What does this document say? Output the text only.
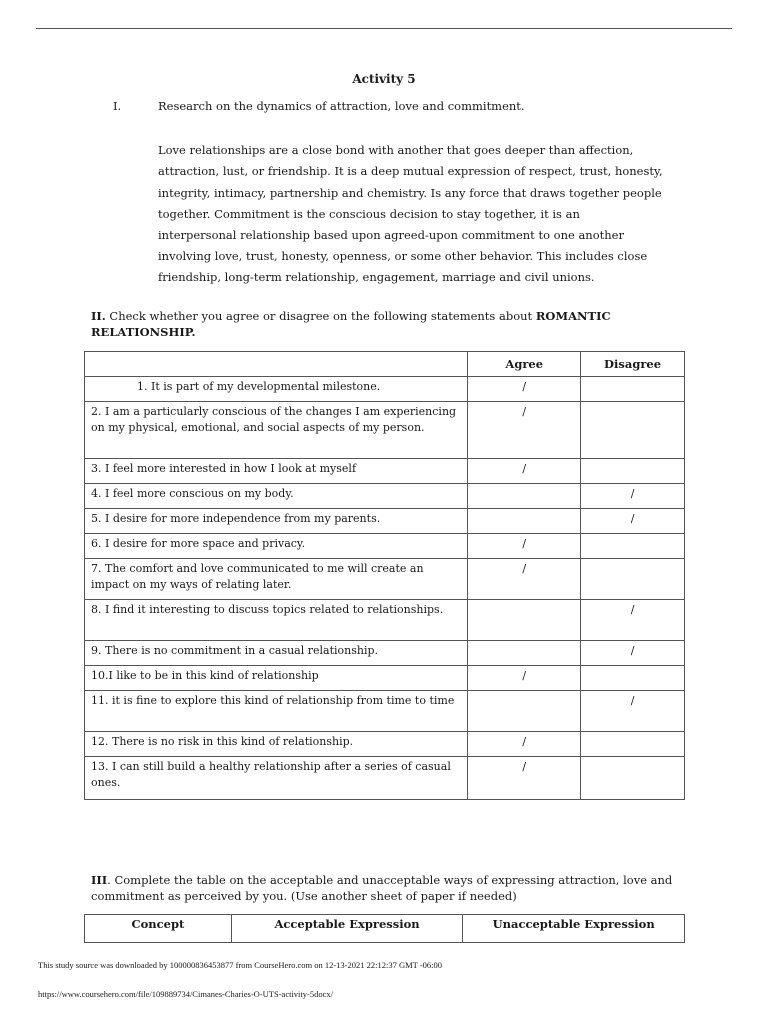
Activity 5
I.	Research on the dynamics of attraction, love and commitment.

Love relationships are a close bond with another that goes deeper than affection,
attraction, lust, or friendship. It is a deep mutual expression of respect, trust, honesty,
integrity, intimacy, partnership and chemistry. Is any force that draws together people
together. Commitment is the conscious decision to stay together, it is an
interpersonal relationship based upon agreed-upon commitment to one another
involving love, trust, honesty, openness, or some other behavior. This includes close
friendship, long-term relationship, engagement, marriage and civil unions.

II. Check whether you agree or disagree on the following statements about ROMANTIC RELATIONSHIP.
	Agree	Disagree
1. It is part of my developmental milestone.	/	
2. I am a particularly conscious of the changes I am experiencing on my physical, emotional, and social aspects of my person.	/	
3. I feel more interested in how I look at myself	/	
4. I feel more conscious on my body.		/
5. I desire for more independence from my parents.		/
6. I desire for more space and privacy.	/	
7. The comfort and love communicated to me will create an impact on my ways of relating later.	/	
8. I find it interesting to discuss topics related to relationships.		/
9. There is no commitment in a casual relationship.		/
10.I like to be in this kind of relationship	/	
11. it is fine to explore this kind of relationship from time to time		/
12. There is no risk in this kind of relationship.	/	
13. I can still build a healthy relationship after a series of casual ones.	/	
III. Complete the table on the acceptable and unacceptable ways of expressing attraction, love and commitment as perceived by you. (Use another sheet of paper if needed)
Concept	Acceptable Expression	Unacceptable Expression
This study source was downloaded by 100000836453877 from CourseHero.com on 12-13-2021 22:12:37 GMT -06:00
https://www.coursehero.com/file/109889734/Cimanes-Charies-O-UTS-activity-5docx/
